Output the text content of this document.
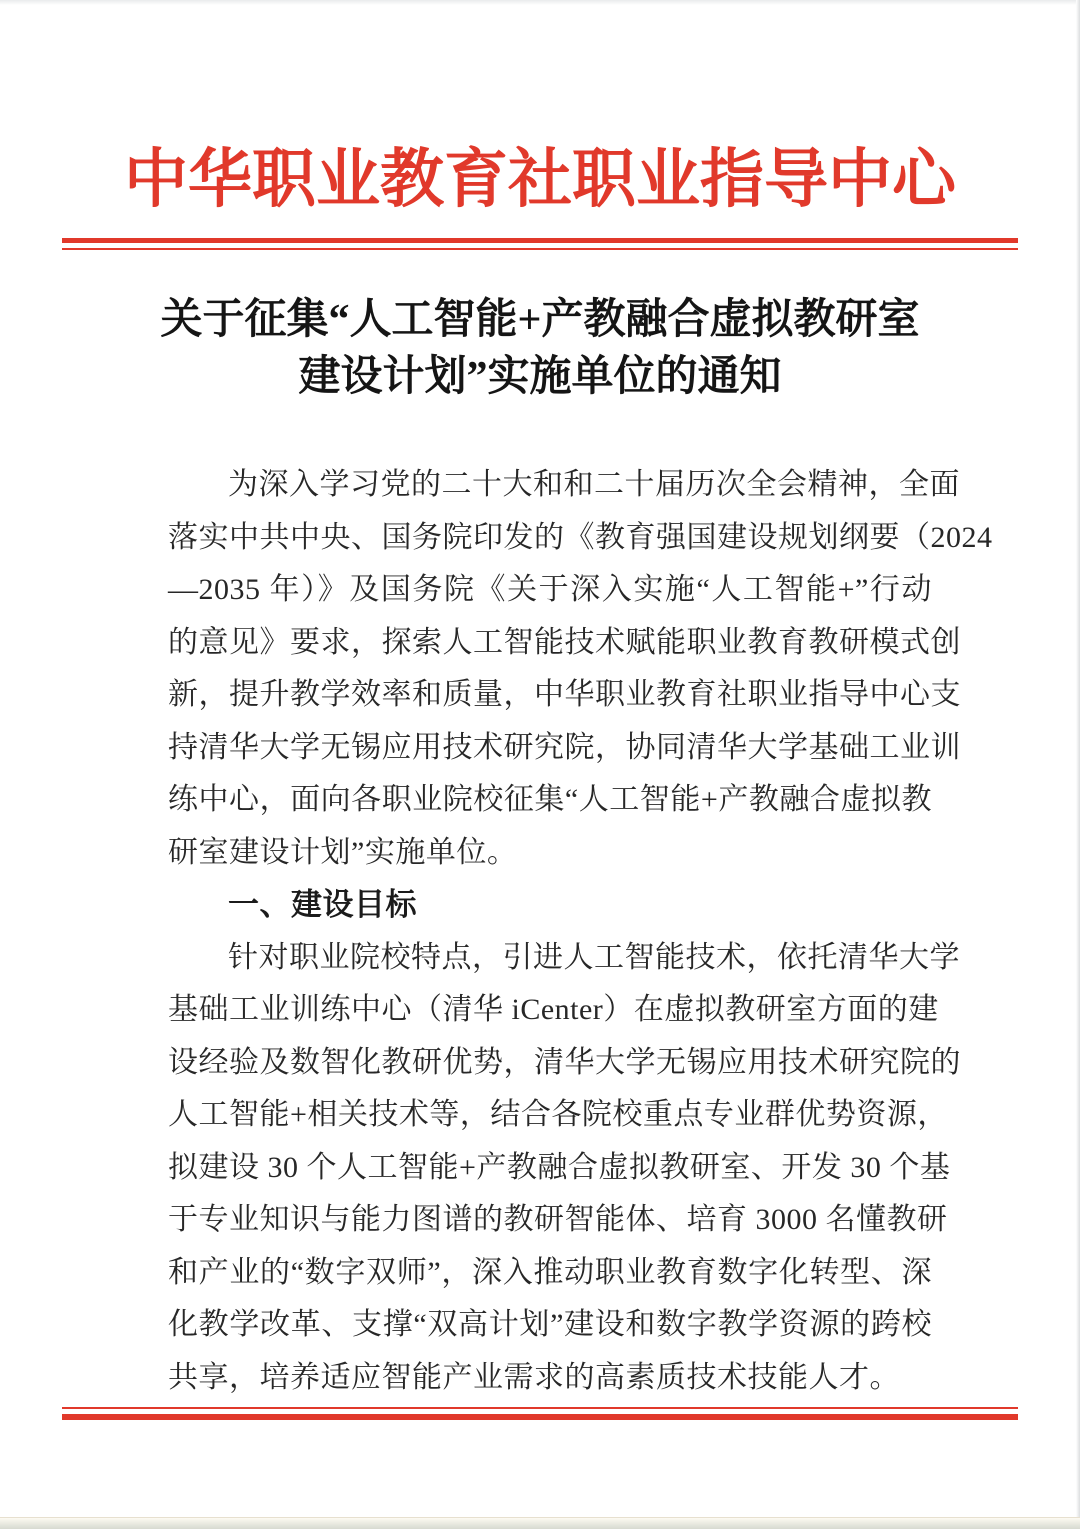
中华职业教育社职业指导中心
关于征集“人工智能+产教融合虚拟教研室
建设计划”实施单位的通知
为深入学习党的二十大和和二十届历次全会精神，全面
落实中共中央、国务院印发的《教育强国建设规划纲要（2024
—2035 年）》及国务院《关于深入实施“人工智能+”行动
的意见》要求，探索人工智能技术赋能职业教育教研模式创
新，提升教学效率和质量，中华职业教育社职业指导中心支
持清华大学无锡应用技术研究院，协同清华大学基础工业训
练中心，面向各职业院校征集“人工智能+产教融合虚拟教
研室建设计划”实施单位。
一、建设目标
针对职业院校特点，引进人工智能技术，依托清华大学
基础工业训练中心（清华 iCenter）在虚拟教研室方面的建
设经验及数智化教研优势，清华大学无锡应用技术研究院的
人工智能+相关技术等，结合各院校重点专业群优势资源，
拟建设 30 个人工智能+产教融合虚拟教研室、开发 30 个基
于专业知识与能力图谱的教研智能体、培育 3000 名懂教研
和产业的“数字双师”，深入推动职业教育数字化转型、深
化教学改革、支撑“双高计划”建设和数字教学资源的跨校
共享，培养适应智能产业需求的高素质技术技能人才。
